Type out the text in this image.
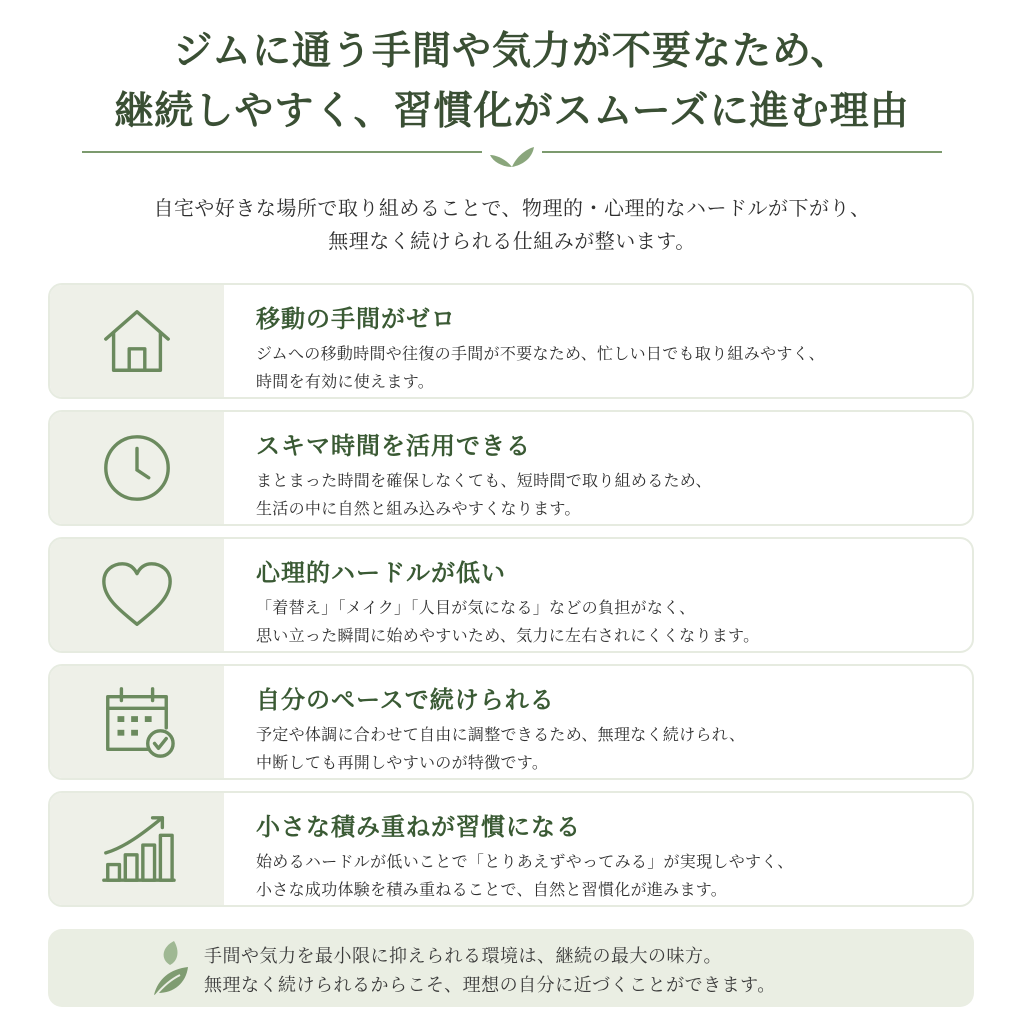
ジムに通う手間や気力が不要なため、
継続しやすく、習慣化がスムーズに進む理由
自宅や好きな場所で取り組めることで、物理的・心理的なハードルが下がり、
無理なく続けられる仕組みが整います。
移動の手間がゼロ
ジムへの移動時間や往復の手間が不要なため、忙しい日でも取り組みやすく、
時間を有効に使えます。
スキマ時間を活用できる
まとまった時間を確保しなくても、短時間で取り組めるため、
生活の中に自然と組み込みやすくなります。
心理的ハードルが低い
「着替え」「メイク」「人目が気になる」などの負担がなく、
思い立った瞬間に始めやすいため、気力に左右されにくくなります。
自分のペースで続けられる
予定や体調に合わせて自由に調整できるため、無理なく続けられ、
中断しても再開しやすいのが特徴です。
小さな積み重ねが習慣になる
始めるハードルが低いことで「とりあえずやってみる」が実現しやすく、
小さな成功体験を積み重ねることで、自然と習慣化が進みます。
手間や気力を最小限に抑えられる環境は、継続の最大の味方。
無理なく続けられるからこそ、理想の自分に近づくことができます。
